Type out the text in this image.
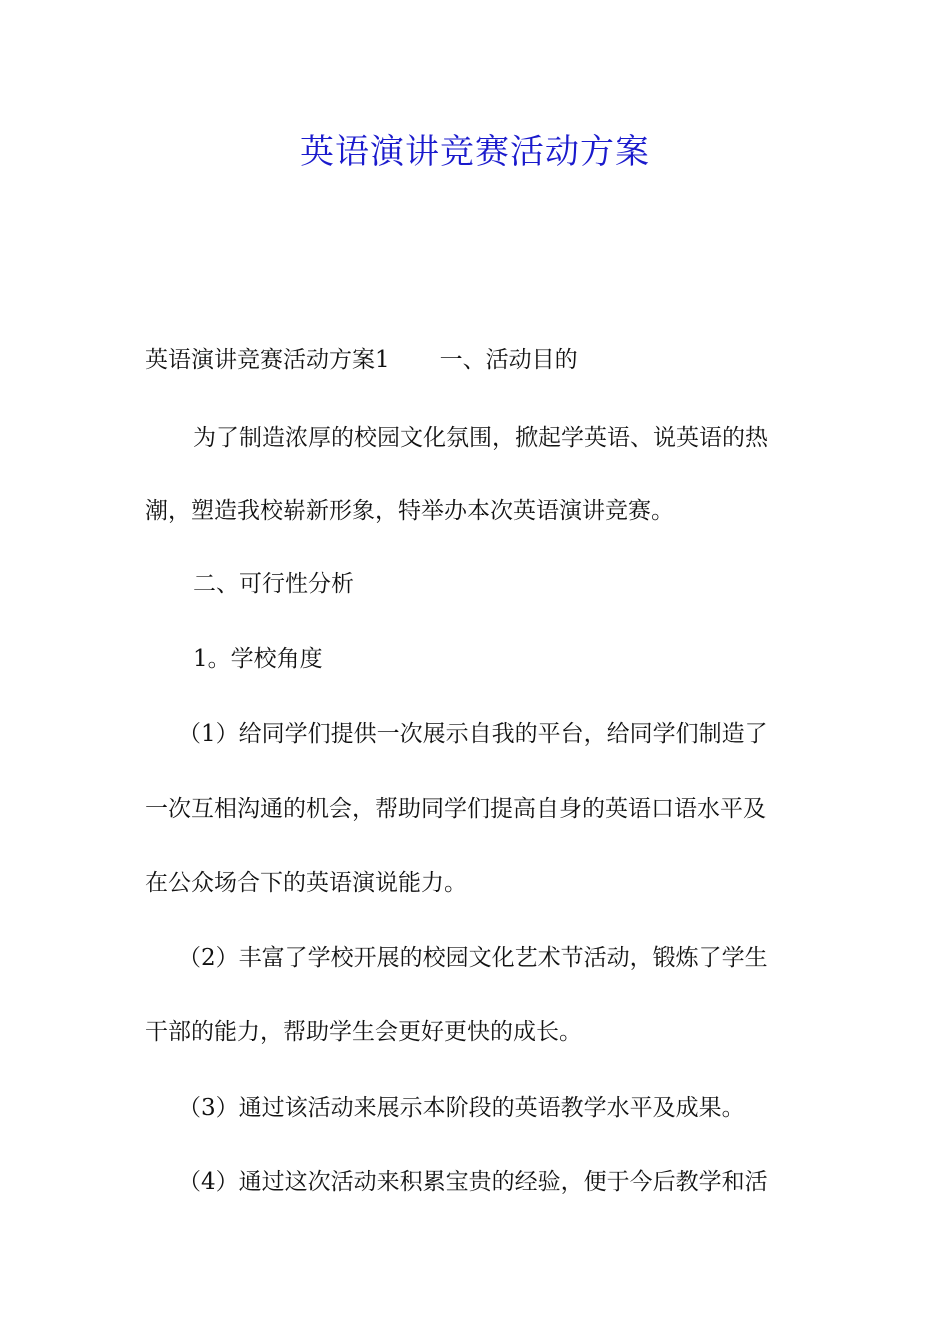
英语演讲竞赛活动方案
英语演讲竞赛活动方案1 一、活动目的
为了制造浓厚的校园文化氛围，掀起学英语、说英语的热
潮，塑造我校崭新形象，特举办本次英语演讲竞赛。
二、可行性分析
1。学校角度
（1）给同学们提供一次展示自我的平台，给同学们制造了
一次互相沟通的机会，帮助同学们提高自身的英语口语水平及
在公众场合下的英语演说能力。
（2）丰富了学校开展的校园文化艺术节活动，锻炼了学生
干部的能力，帮助学生会更好更快的成长。
（3）通过该活动来展示本阶段的英语教学水平及成果。
（4）通过这次活动来积累宝贵的经验，便于今后教学和活
